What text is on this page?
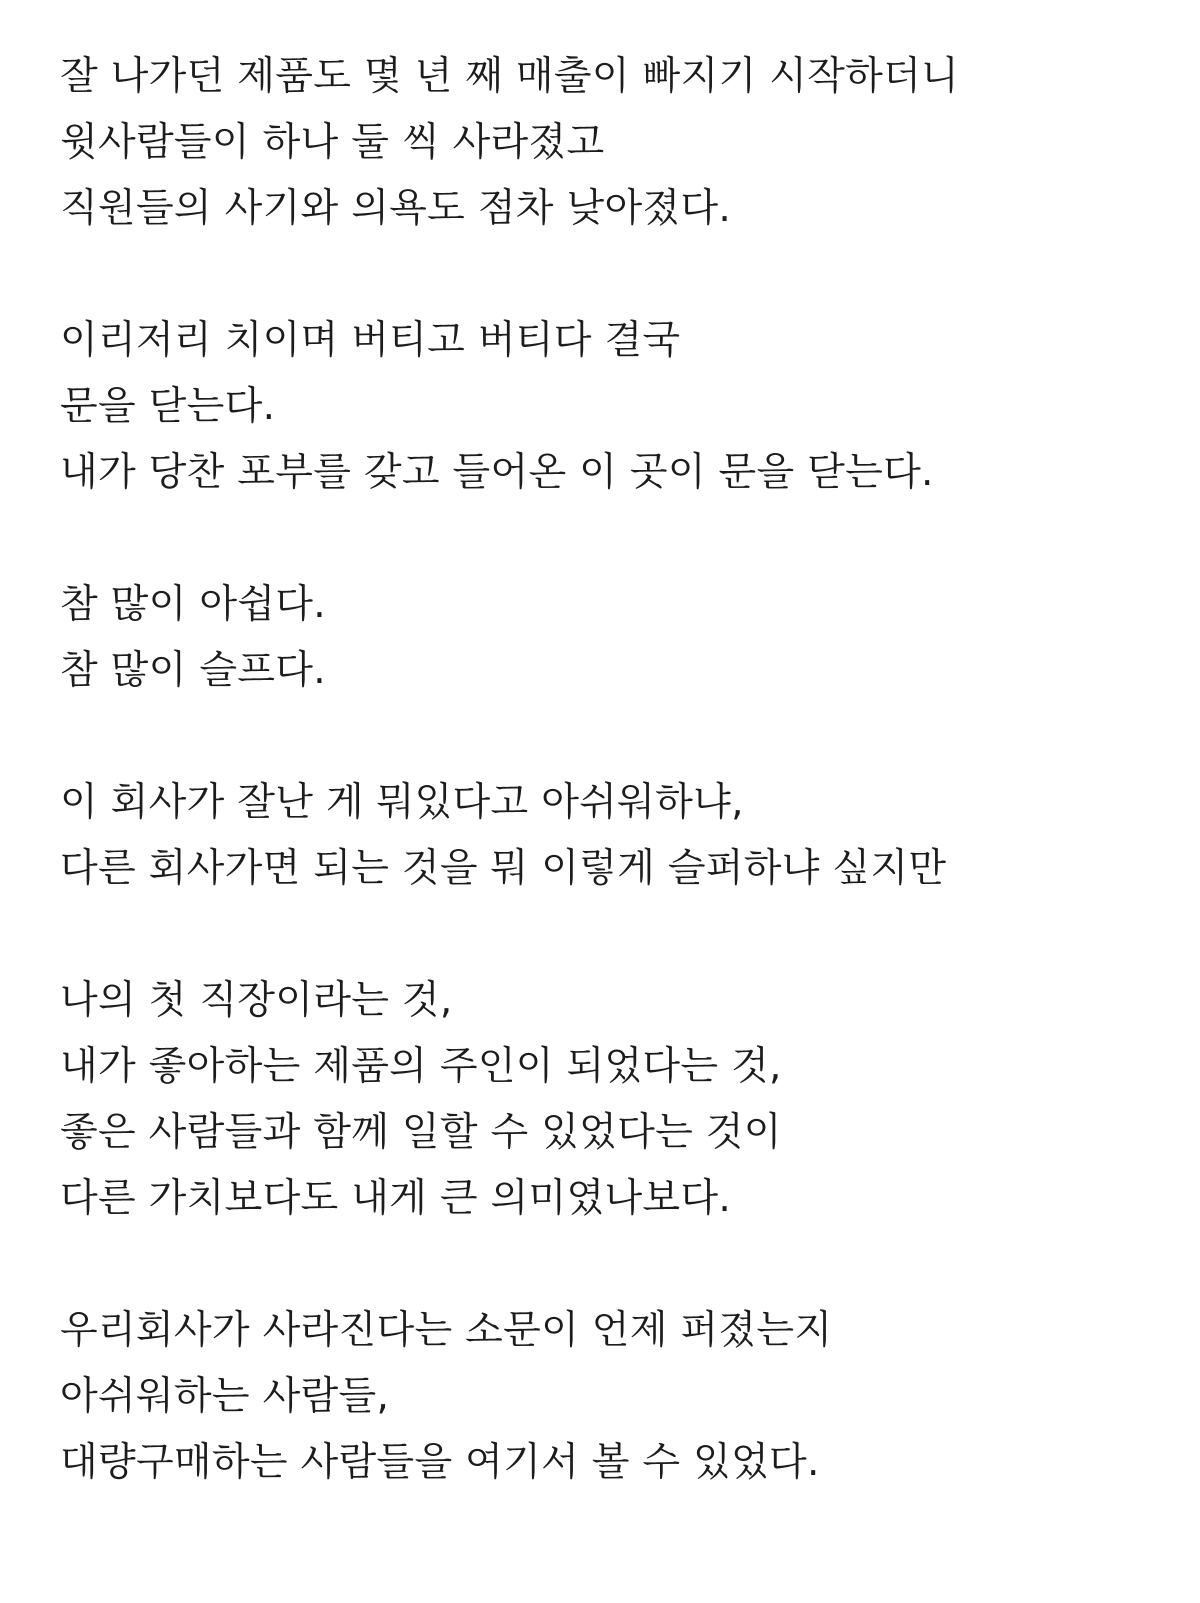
잘 나가던 제품도 몇 년 째 매출이 빠지기 시작하더니
윗사람들이 하나 둘 씩 사라졌고
직원들의 사기와 의욕도 점차 낮아졌다.
이리저리 치이며 버티고 버티다 결국
문을 닫는다.
내가 당찬 포부를 갖고 들어온 이 곳이 문을 닫는다.
참 많이 아쉽다.
참 많이 슬프다.
이 회사가 잘난 게 뭐있다고 아쉬워하냐,
다른 회사가면 되는 것을 뭐 이렇게 슬퍼하냐 싶지만
나의 첫 직장이라는 것,
내가 좋아하는 제품의 주인이 되었다는 것,
좋은 사람들과 함께 일할 수 있었다는 것이
다른 가치보다도 내게 큰 의미였나보다.
우리회사가 사라진다는 소문이 언제 퍼졌는지
아쉬워하는 사람들,
대량구매하는 사람들을 여기서 볼 수 있었다.
